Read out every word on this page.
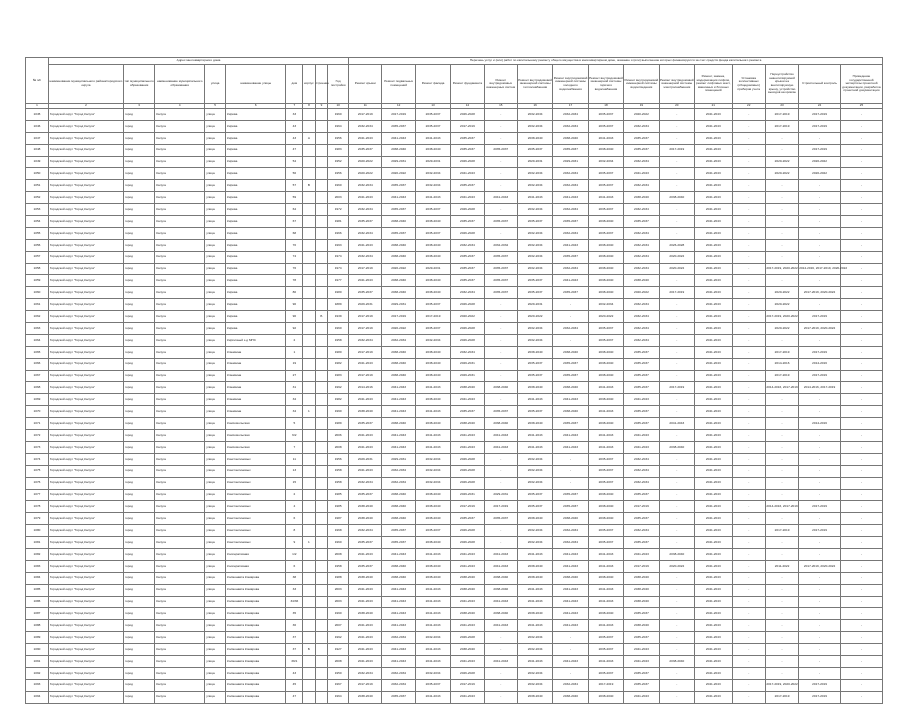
№ п/п	Адрес многоквартирного дома									Перечень услуг и (или) работ по капитальному ремонту общего имущества в многоквартирном доме, оказание и (или) выполнение которых финансируется за счет средств фонда капитального ремонта														
	наименование муниципального района/городского округа	тип муниципального образования	наименование муниципального образования	улица	наименование улицы	дом	корпус	строение	Год постройки	Ремонт крыши	Ремонт подвальных помещений	Ремонт фасада	Ремонт фундамента	Ремонт внутридомовых инженерных систем	Ремонт внутридомовой инженерной системы теплоснабжения	Ремонт внутридомовой инженерной системы холодного водоснабжения	Ремонт внутридомовой инженерной системы горячего водоснабжения	Ремонт внутридомовой инженерной системы водоотведения	Ремонт внутридомовой инженерной системы электроснабжения	Ремонт, замена, модернизация лифтов, ремонт лифтовых шахт, машинных и блочных помещений	Установка коллективных (общедомовых) приборов учета	Переустройство невентилируемой крыши на вентилируемую крышу, устройство выходов на кровлю	Строительный контроль	Проведение государственной экспертизы проектной документации, разработка проектной документации

1	2	3	4	5	6	7	8	9	10	11	12	13	14	15	16	17	18	19	20	21	22	23	24	25
1045	Городской округ "Город Калуга"	город	Калуга	улица	Кирова	33			1960	2017-2019	2017-2019	2035-2037	2026-2028	-	2032-2034	2032-2034	2035-2037	2020-2022	-	2041-2043	-	2017-2019	2017-2019	-
1046	Городской округ "Город Калуга"	город	Калуга	улица	Кирова	43			1964	2032-2034	2035-2037	2035-2037	2017-2019	-	2032-2034	2032-2034	2035-2037	2032-2034	-	2041-2043	-	2017-2019	2017-2019	-
1047	Городской округ "Город Калуга"	город	Калуга	улица	Кирова	43	А		1956	2041-2043	2041-2043	2041-2043	2035-2037	-	2038-2040	2038-2040	2041-2043	2035-2037	-	2041-2043	-	-	-	-
1048	Городской округ "Город Калуга"	город	Калуга	улица	Кирова	47			1983	2035-2037	2038-2040	2038-2040	2035-2037	2035-2037	2035-2037	2035-2037	2038-2040	2035-2037	2017-2019	2041-2043	-	-	2017-2019	-
1049	Городской округ "Город Калуга"	город	Калуга	улица	Кирова	54			1952	2020-2022	2029-2031	2029-2031	2026-2028	-	2029-2031	2029-2031	2032-2034	2032-2034	-	2041-2043	-	2020-2022	2020-2022	-
1050	Городской округ "Город Калуга"	город	Калуга	улица	Кирова	56			1956	2020-2022	2020-2022	2032-2034	2041-2043	-	2032-2034	2032-2034	2035-2037	2041-2043	-	2041-2043	-	2020-2022	2020-2022	-
1051	Городской округ "Город Калуга"	город	Калуга	улица	Кирова	57	В		1960	2032-2034	2035-2037	2032-2034	2035-2037	-	2032-2034	2032-2034	2035-2037	2032-2034	-	2041-2043	-	-	-	-
1052	Городской округ "Город Калуга"	город	Калуга	улица	Кирова	59			2003	2041-2043	2041-2043	2041-2043	2041-2043	2041-2043	2041-2043	2041-2043	2041-2043	2038-2040	2038-2040	2041-2043	-	-	-	-
1053	Городской округ "Город Калуга"	город	Калуга	улица	Кирова	64			1972	2032-2034	2035-2037	2035-2037	2026-2028	-	2032-2034	2032-2034	2035-2037	2032-2034	-	2041-2043	-	-	-	-
1054	Городской округ "Город Калуга"	город	Калуга	улица	Кирова	67			1981	2035-2037	2038-2040	2038-2040	2035-2037	2035-2037	2035-2037	2035-2037	2038-2040	2035-2037	-	2041-2043	-	-	-	-
1055	Городской округ "Город Калуга"	город	Калуга	улица	Кирова	68			1966	2032-2034	2035-2037	2035-2037	2026-2028	-	2032-2034	2032-2034	2035-2037	2032-2034	-	2041-2043	-	-	-	-
1056	Городской округ "Город Калуга"	город	Калуга	улица	Кирова	70			1993	2041-2043	2038-2040	2038-2040	2032-2034	2032-2034	2032-2034	2041-2043	2038-2040	2032-2034	2026-2028	2041-2043	-	-	-	-
1057	Городской округ "Город Калуга"	город	Калуга	улица	Кирова	74			1974	2032-2034	2038-2040	2038-2040	2035-2037	2035-2037	2032-2034	2035-2037	2038-2040	2032-2034	2020-2022	2041-2043	-	-	-	-
1058	Городской округ "Город Калуга"	город	Калуга	улица	Кирова	76			1974	2017-2019	2020-2022	2029-2031	2035-2037	2035-2037	2032-2034	2032-2034	2038-2040	2032-2034	2020-2022	2041-2043	-	2017-2019, 2020-2022	2014-2016, 2017-2019, 2020-2022	-
1059	Городской округ "Город Калуга"	город	Калуга	улица	Кирова	78			1977	2041-2043	2038-2040	2038-2040	2035-2037	2035-2037	2035-2037	2041-2043	2038-2040	2038-2040	-	2041-2043	-	-	-	-
1060	Городской округ "Город Калуга"	город	Калуга	улица	Кирова	80			1980	2035-2037	2038-2040	2038-2040	2032-2034	2035-2037	2035-2037	2035-2037	2038-2040	2020-2022	2017-2019	2041-2043	-	2020-2022	2017-2019, 2020-2022	-
1061	Городской округ "Город Калуга"	город	Калуга	улица	Кирова	90			1889	2029-2031	2029-2031	2035-2037	2026-2028	-	2029-2031	-	2032-2034	2032-2034	-	2041-2043	-	2020-2022	-	-
1062	Городской округ "Город Калуга"	город	Калуга	улица	Кирова	90		Б	1939	2017-2019	2017-2019	2017-2019	2020-2022	-	2020-2022	-	2020-2022	2032-2034	-	2041-2043	-	2017-2019, 2020-2022	2017-2019	-
1063	Городской округ "Город Калуга"	город	Калуга	улица	Кирова	92			1960	2017-2019	2020-2022	2035-2037	2026-2028	-	2032-2034	2032-2034	2035-2037	2032-2034	-	2041-2043	-	2020-2022	2017-2019, 2020-2022	-
1064	Городской округ "Город Калуга"	город	Калуга	улица	Кирпичный з-д МПС	2			1958	2032-2034	2032-2034	2032-2034	2026-2028	-	2032-2034	-	2035-2037	2032-2034	-	2041-2043	-	-	-	-
1065	Городской округ "Город Калуга"	город	Калуга	улица	Клюквина	1			1980	2017-2019	2038-2040	2038-2040	2032-2034	-	2038-2040	2038-2040	2038-2040	2035-2037	-	2041-2043	-	2017-2019	2017-2019	-
1066	Городской округ "Город Калуга"	город	Калуга	улица	Клюквина	19			1982	2041-2043	2038-2040	2038-2040	2029-2031	-	2035-2037	2035-2037	2038-2040	2035-2037	-	2041-2043	-	2014-2016	2014-2016	-
1067	Городской округ "Город Калуга"	город	Калуга	улица	Клюквина	27			1983	2017-2019	2038-2040	2038-2040	2029-2031	-	2035-2037	2035-2037	2038-2040	2035-2037	-	2041-2043	-	2017-2019	2017-2019	-
1068	Городской округ "Город Калуга"	город	Калуга	улица	Клюквина	31			1992	2014-2016	2041-2043	2041-2043	2038-2040	2038-2040	2038-2040	2038-2040	2041-2043	2035-2037	2017-2019	2041-2043	-	2014-2016, 2017-2019	2014-2016, 2017-2019	-
1069	Городской округ "Город Калуга"	город	Калуга	улица	Клюквина	34			1982	2041-2043	2041-2043	2038-2040	2041-2043	-	2041-2043	2041-2043	2038-2040	2041-2043	-	2041-2043	-	-	-	-
1070	Городской округ "Город Калуга"	город	Калуга	улица	Клюквина	34	1		1990	2038-2040	2041-2043	2041-2043	2035-2037	2035-2037	2035-2037	2038-2040	2041-2043	2035-2037	-	2041-2043	-	-	-	-
1071	Городской округ "Город Калуга"	город	Калуга	улица	Комсомольская	5			1989	2035-2037	2038-2040	2038-2040	2038-2040	2038-2040	2038-2040	2035-2037	2038-2040	2035-2037	2041-2043	2041-2043	-	-	2014-2016	-
1072	Городской округ "Город Калуга"	город	Калуга	улица	Комсомольская	6/2			2006	2041-2043	2041-2043	2041-2043	2041-2043	2041-2043	2041-2043	2041-2043	2041-2043	2041-2043	-	2041-2043	-	-	-	-
1073	Городской округ "Город Калуга"	город	Калуга	улица	Комсомольская	7			2008	2041-2043	2041-2043	2041-2043	2041-2043	2041-2043	2041-2043	2041-2043	2041-2043	2041-2043	2038-2040	2041-2043	-	-	-	-
1074	Городской округ "Город Калуга"	город	Калуга	улица	Константиновых	11			1956	2029-2031	2029-2031	2032-2034	2026-2028	-	2032-2034	-	2035-2037	2032-2034	-	2041-2043	-	-	-	-
1075	Городской округ "Город Калуга"	город	Калуга	улица	Константиновых	13			1958	2041-2043	2032-2034	2032-2034	2026-2028	-	2032-2034	-	2035-2037	2032-2034	-	2041-2043	-	-	-	-
1076	Городской округ "Город Калуга"	город	Калуга	улица	Константиновых	15			1958	2032-2034	2032-2034	2032-2034	2026-2028	-	2032-2034	-	2035-2037	2032-2034	-	2041-2043	-	-	-	-
1077	Городской округ "Город Калуга"	город	Калуга	улица	Константиновых	2			1985	2035-2037	2038-2040	2038-2040	2029-2031	2029-2031	2035-2037	2035-2037	2038-2040	2035-2037	-	2041-2043	-	-	-	-
1078	Городской округ "Город Калуга"	город	Калуга	улица	Константиновых	4			1985	2038-2040	2038-2040	2038-2040	2017-2019	2017-2019	2035-2037	2035-2037	2038-2040	2017-2019	-	2041-2043	-	2014-2016, 2017-2019	2017-2019	-
1079	Городской округ "Город Калуга"	город	Калуга	улица	Константиновых	6			1987	2038-2040	2038-2040	2038-2040	2035-2037	2035-2037	2038-2040	2038-2040	2038-2040	2035-2037	-	2041-2043	-	-	-	-
1080	Городской округ "Город Калуга"	город	Калуга	улица	Константиновых	8			1968	2032-2034	2035-2037	2035-2037	2026-2028	-	2032-2034	2032-2034	2035-2037	2032-2034	-	2041-2043	-	2017-2019	2017-2019	-
1081	Городской округ "Город Калуга"	город	Калуга	улица	Константиновых	9	1		1960	2035-2037	2035-2037	2038-2040	2026-2028	-	2032-2034	2032-2034	2035-2037	2035-2037	-	2041-2043	-	-	-	-
1082	Городской округ "Город Калуга"	город	Калуга	улица	Кооперативная	1/2			2008	2041-2043	2041-2043	2041-2043	2041-2043	2041-2043	2041-2043	2041-2043	2041-2043	2041-2043	2038-2040	2041-2043	-	-	-	-
1083	Городской округ "Город Калуга"	город	Калуга	улица	Кооперативная	6			1958	2035-2037	2038-2040	2038-2040	2041-2043	2041-2043	2038-2040	2041-2043	2041-2043	2017-2019	2020-2022	2041-2043	-	2011-2022	2017-2019, 2020-2022	-
1084	Городской округ "Город Калуга"	город	Калуга	улица	Космонавта Комарова	38			1988	2038-2040	2038-2040	2038-2040	2038-2040	2038-2040	2038-2040	2038-2040	2038-2040	2038-2040	-	2041-2043	-	-	-	-
1085	Городской округ "Город Калуга"	город	Калуга	улица	Космонавта Комарова	33			2003	2041-2043	2041-2043	2041-2043	2038-2040	2038-2040	2041-2043	2041-2043	2041-2043	2038-2040	-	2041-2043	-	-	-	-
1086	Городской округ "Город Калуга"	город	Калуга	улица	Космонавта Комарова	34/36			2003	2041-2043	2041-2043	2041-2043	2041-2043	2041-2043	2041-2043	2041-2043	2041-2043	2038-2040	-	2041-2043	-	-	-	-
1087	Городской округ "Город Калуга"	город	Калуга	улица	Космонавта Комарова	35			1990	2038-2040	2041-2043	2041-2043	2038-2040	2038-2040	2038-2040	2041-2043	2038-2040	2035-2037	-	2041-2043	-	-	-	-
1088	Городской округ "Город Калуга"	город	Калуга	улица	Космонавта Комарова	36			2007	2041-2043	2041-2043	2041-2043	2041-2043	2041-2043	2041-2043	2041-2043	2041-2043	2038-2040	-	2041-2043	-	-	-	-
1089	Городской округ "Город Калуга"	город	Калуга	улица	Космонавта Комарова	37			1992	2041-2043	2032-2034	2032-2034	2026-2028	-	2032-2034	-	2035-2037	2035-2037	-	2041-2043	-	-	-	-
1090	Городской округ "Город Калуга"	город	Калуга	улица	Космонавта Комарова	37	Б		1927	2041-2043	2041-2043	2041-2043	2038-2040	-	2032-2034	-	2035-2037	2041-2043	-	2041-2043	-	-	-	-
1091	Городской округ "Город Калуга"	город	Калуга	улица	Космонавта Комарова	39/1			2008	2041-2043	2041-2043	2041-2043	2041-2043	2041-2043	2041-2043	2041-2043	2041-2043	2041-2043	2038-2040	2041-2043	-	-	-	-
1092	Городской округ "Город Калуга"	город	Калуга	улица	Космонавта Комарова	43			1950	2032-2034	2032-2034	2032-2034	2026-2028	-	2032-2034	-	2035-2037	2035-2037	-	2041-2043	-	-	-	-
1093	Городской округ "Город Калуга"	город	Калуга	улица	Космонавта Комарова	45			1967	2017-2019	2032-2034	2035-2037	2017-2019	-	2032-2034	2032-2034	2017-2019	2035-2037	-	2041-2043	-	2017-2019, 2020-2022	2017-2019	-
1094	Городской округ "Город Калуга"	город	Калуга	улица	Космонавта Комарова	47			1964	2038-2040	2035-2037	2041-2043	2041-2043	-	2038-2040	2038-2040	2038-2040	2041-2043	-	2041-2043	-	2017-2019	2017-2019	-
